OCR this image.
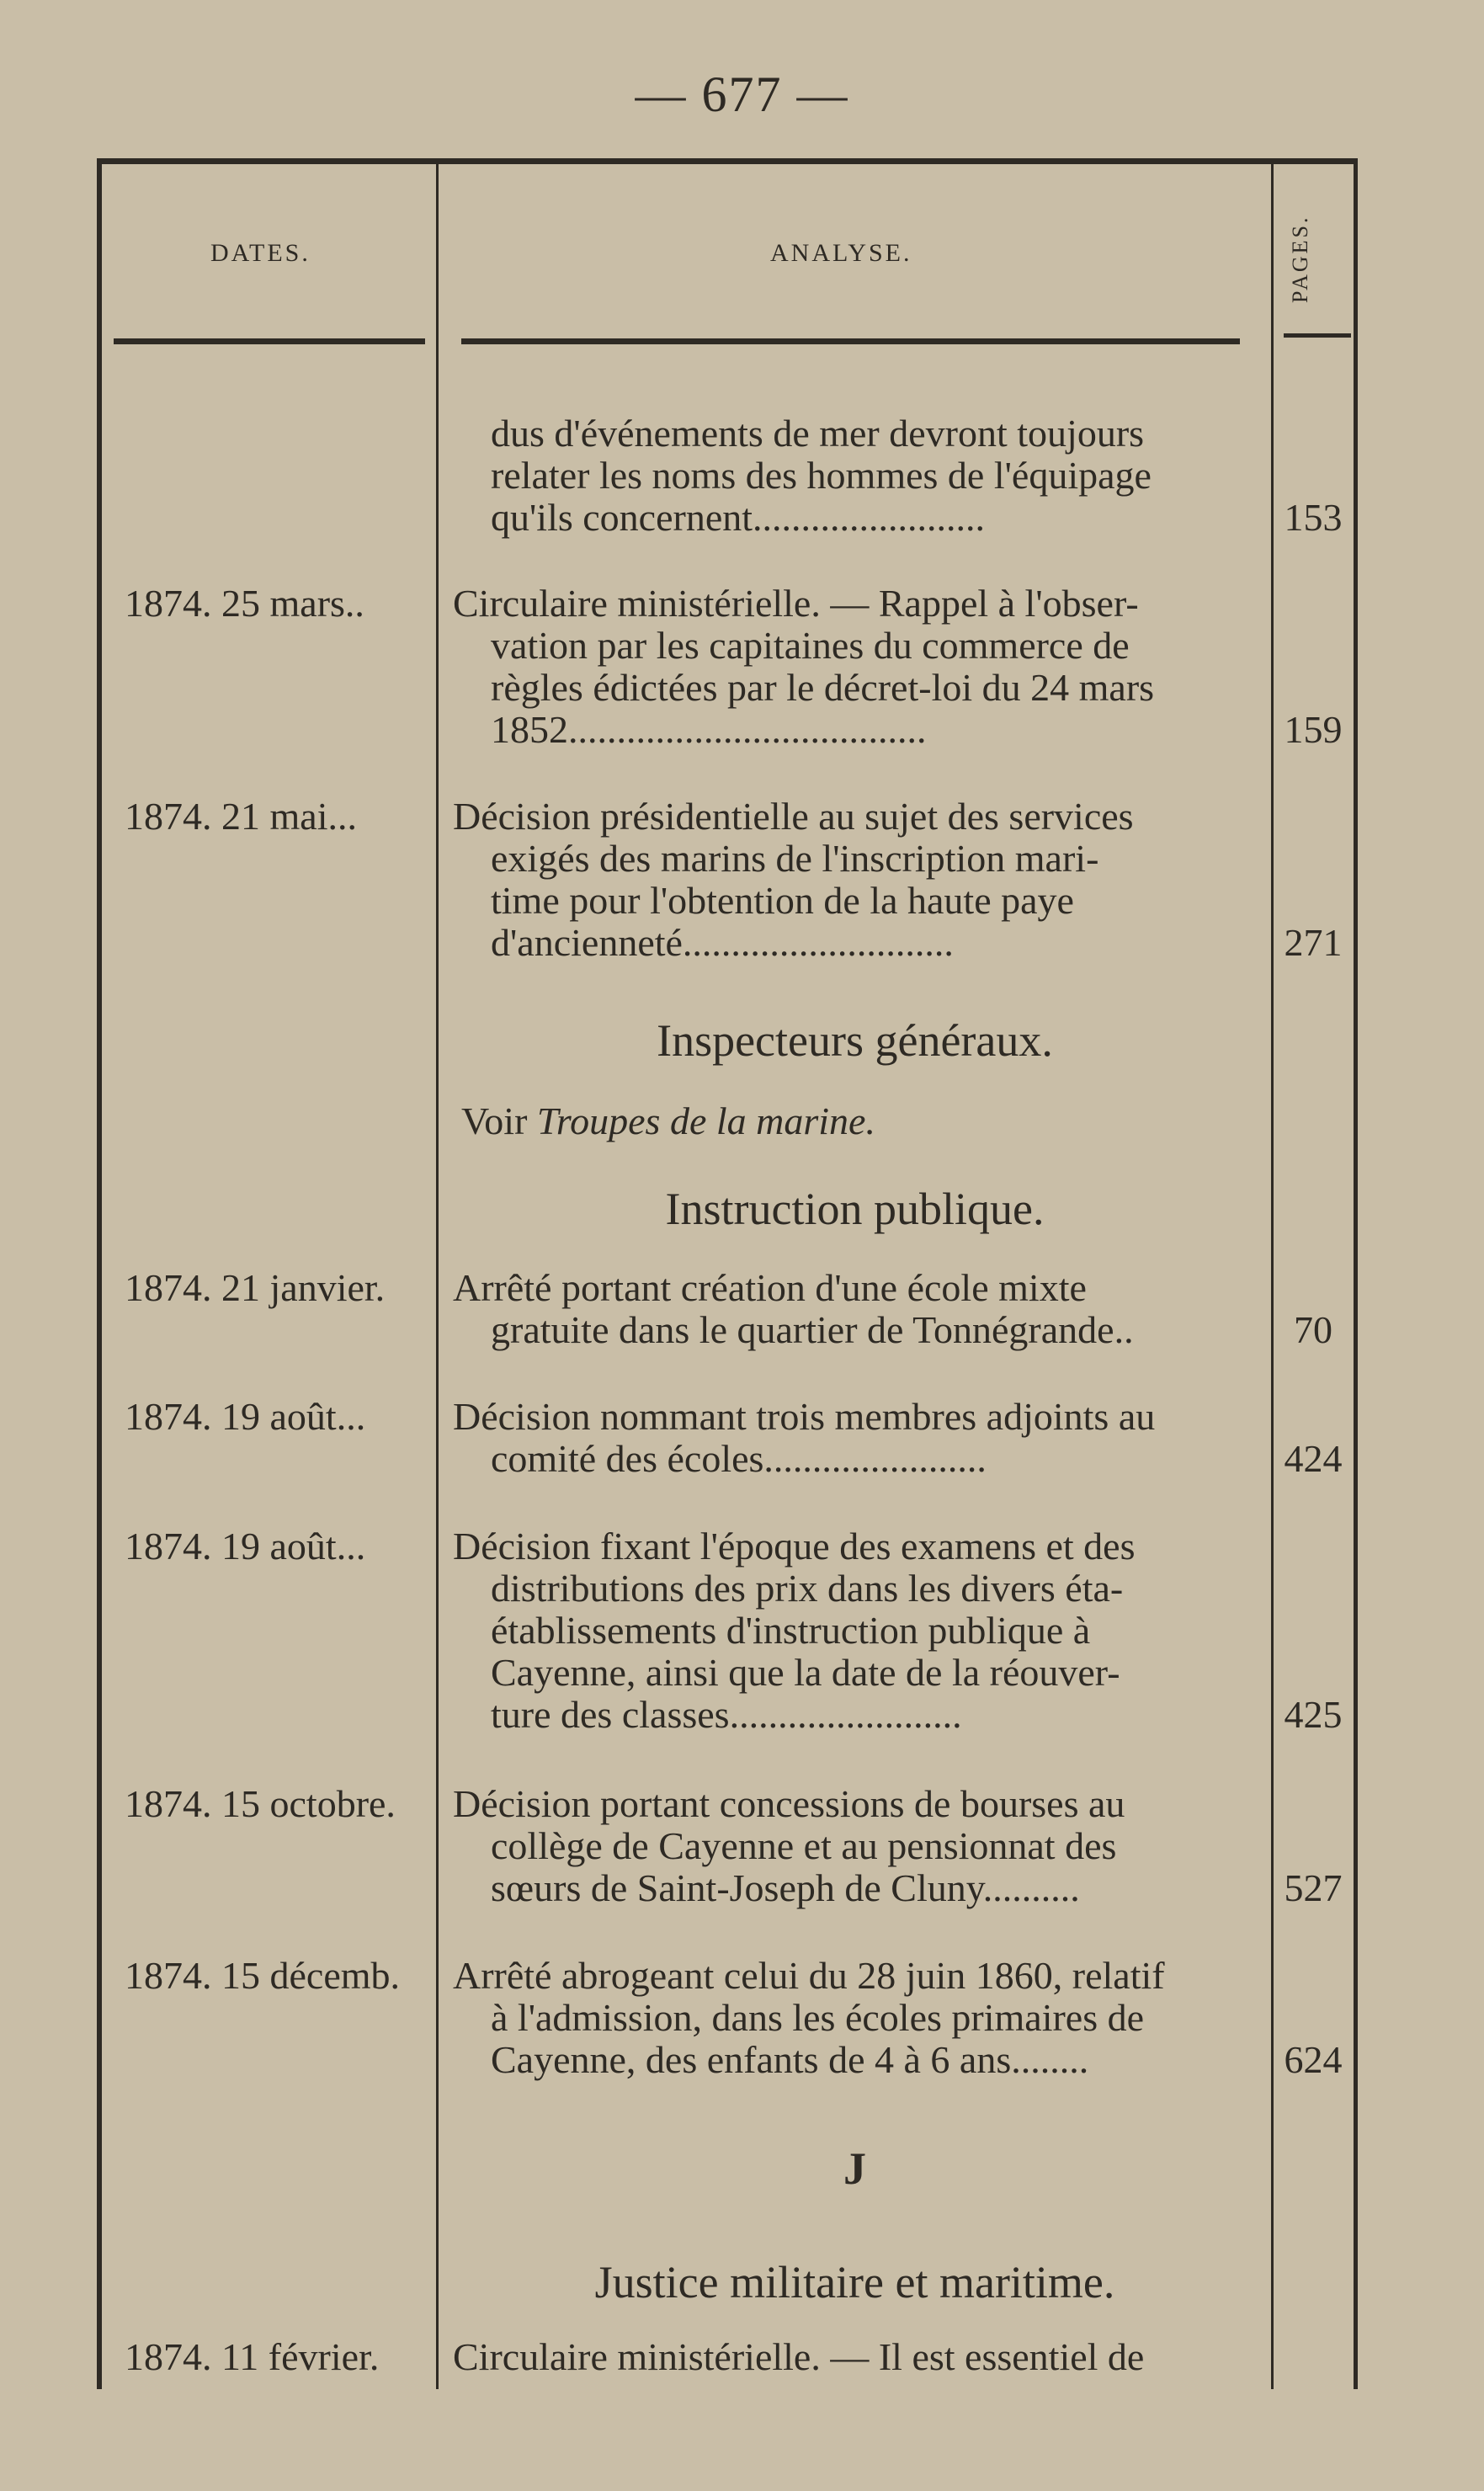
— 677 —
DATES.	ANALYSE.	PAGES.
dus d'événements de mer devront toujours
relater les noms des hommes de l'équipage
qu'ils concernent........................	153
1874. 25 mars..	Circulaire ministérielle. — Rappel à l'obser-
vation par les capitaines du commerce de
règles édictées par le décret-loi du 24 mars
1852.....................................	159
1874. 21 mai...	Décision présidentielle au sujet des services
exigés des marins de l'inscription mari-
time pour l'obtention de la haute paye
d'ancienneté............................	271
Inspecteurs généraux.
Voir Troupes de la marine.
Instruction publique.
1874. 21 janvier.	Arrêté portant création d'une école mixte
gratuite dans le quartier de Tonnégrande..	70
1874. 19 août...	Décision nommant trois membres adjoints au
comité des écoles.......................	424
1874. 19 août...	Décision fixant l'époque des examens et des
distributions des prix dans les divers éta-
établissements d'instruction publique à
Cayenne, ainsi que la date de la réouver-
ture des classes........................	425
1874. 15 octobre.	Décision portant concessions de bourses au
collège de Cayenne et au pensionnat des
sœurs de Saint-Joseph de Cluny..........	527
1874. 15 décemb.	Arrêté abrogeant celui du 28 juin 1860, relatif
à l'admission, dans les écoles primaires de
Cayenne, des enfants de 4 à 6 ans........	624
J
Justice militaire et maritime.
1874. 11 février.	Circulaire ministérielle. — Il est essentiel de
